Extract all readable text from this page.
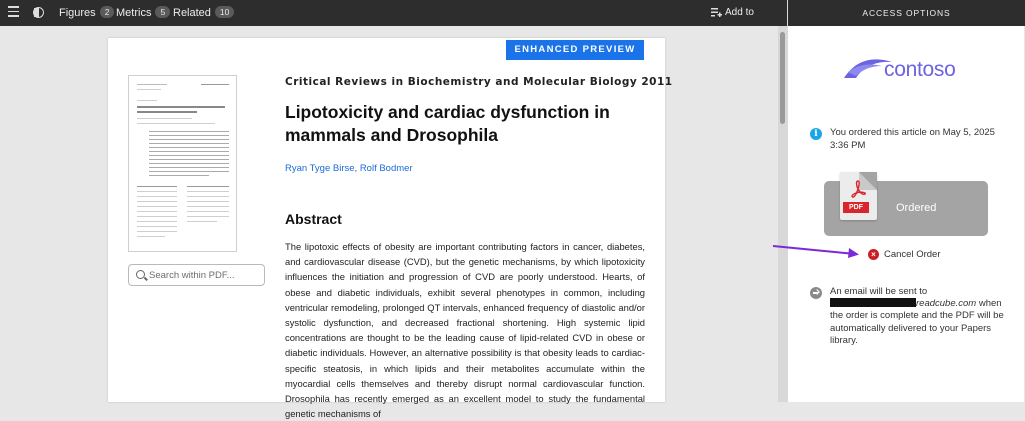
Figures 2 Metrics 5 Related 10	Add to
ENHANCED PREVIEW
Search within PDF...
Critical Reviews in Biochemistry and Molecular Biology 2011
Lipotoxicity and cardiac dysfunction in mammals and Drosophila
Ryan Tyge Birse, Rolf Bodmer
Abstract
The lipotoxic effects of obesity are important contributing factors in cancer, diabetes, and cardiovascular disease (CVD), but the genetic mechanisms, by which lipotoxicity influences the initiation and progression of CVD are poorly understood. Hearts, of obese and diabetic individuals, exhibit several phenotypes in common, including ventricular remodeling, prolonged QT intervals, enhanced frequency of diastolic and/or systolic dysfunction, and decreased fractional shortening. High systemic lipid concentrations are thought to be the leading cause of lipid-related CVD in obese or diabetic individuals. However, an alternative possibility is that obesity leads to cardiac-specific steatosis, in which lipids and their metabolites accumulate within the myocardial cells themselves and thereby disrupt normal cardiovascular function. Drosophila has recently emerged as an excellent model to study the fundamental genetic mechanisms of
ACCESS OPTIONS
contoso
i	You ordered this article on May 5, 2025 3:36 PM
PDF	Ordered
An email will be sent to
readcube.com when the order is complete and the PDF will be automatically delivered to your Papers library.
× Cancel Order
